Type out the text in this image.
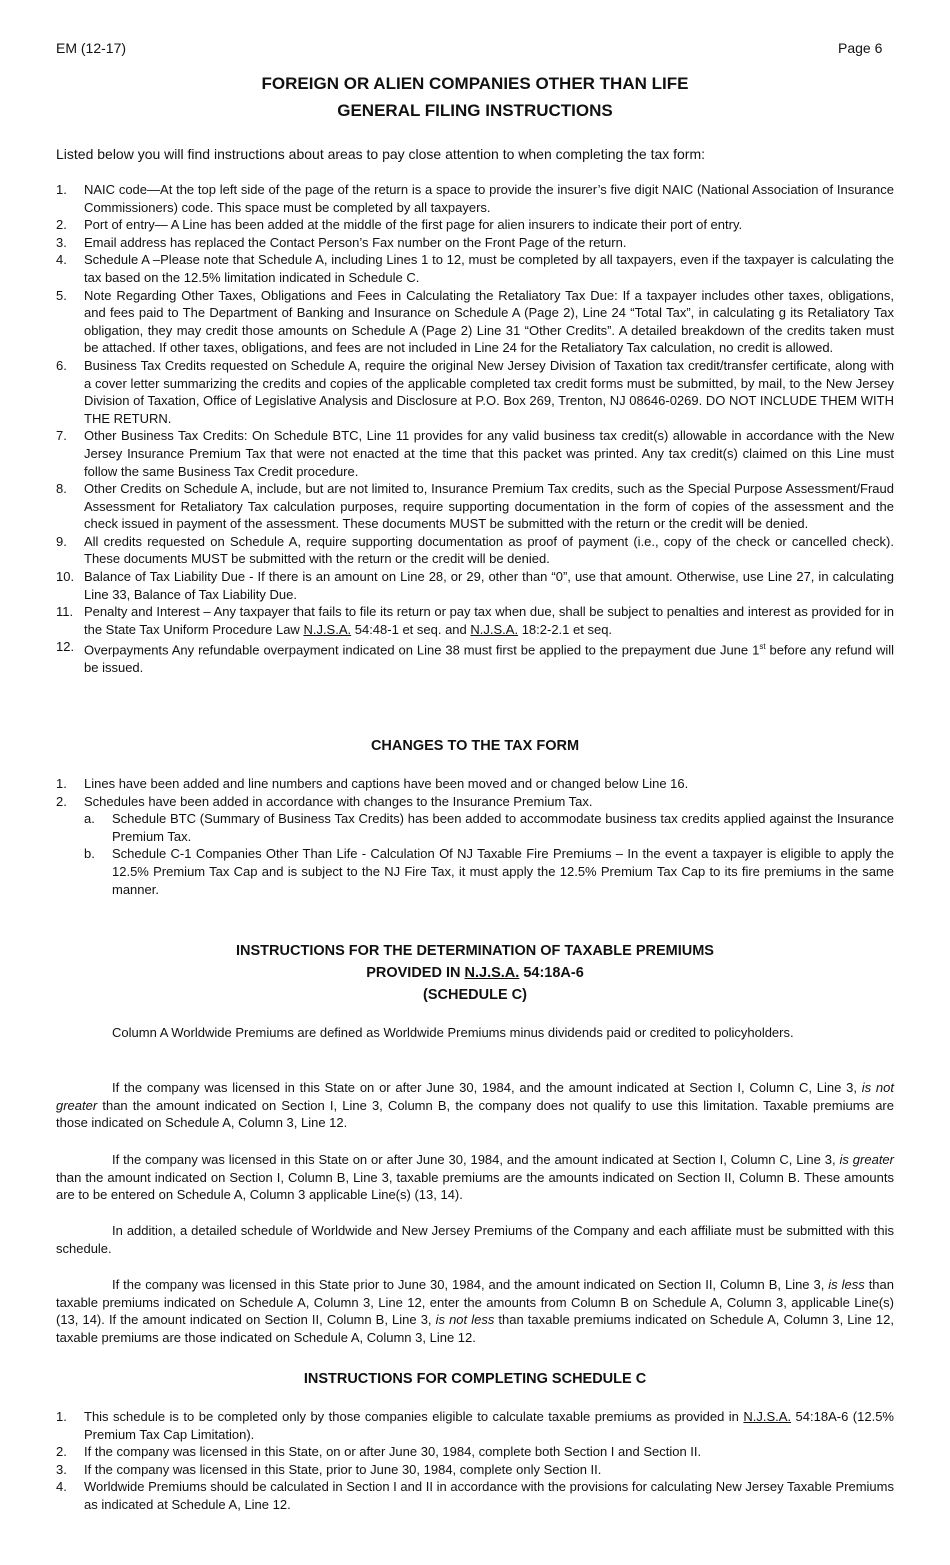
EM (12-17)	Page 6
FOREIGN OR ALIEN COMPANIES OTHER THAN LIFE
GENERAL FILING INSTRUCTIONS
Listed below you will find instructions about areas to pay close attention to when completing the tax form:
1. NAIC code—At the top left side of the page of the return is a space to provide the insurer’s five digit NAIC (National Association of Insurance Commissioners) code. This space must be completed by all taxpayers.
2. Port of entry— A Line has been added at the middle of the first page for alien insurers to indicate their port of entry.
3. Email address has replaced the Contact Person’s Fax number on the Front Page of the return.
4. Schedule A –Please note that Schedule A, including Lines 1 to 12, must be completed by all taxpayers, even if the taxpayer is calculating the tax based on the 12.5% limitation indicated in Schedule C.
5. Note Regarding Other Taxes, Obligations and Fees in Calculating the Retaliatory Tax Due: If a taxpayer includes other taxes, obligations, and fees paid to The Department of Banking and Insurance on Schedule A (Page 2), Line 24 “Total Tax”, in calculating g its Retaliatory Tax obligation, they may credit those amounts on Schedule A (Page 2) Line 31 “Other Credits”. A detailed breakdown of the credits taken must be attached. If other taxes, obligations, and fees are not included in Line 24 for the Retaliatory Tax calculation, no credit is allowed.
6. Business Tax Credits requested on Schedule A, require the original New Jersey Division of Taxation tax credit/transfer certificate, along with a cover letter summarizing the credits and copies of the applicable completed tax credit forms must be submitted, by mail, to the New Jersey Division of Taxation, Office of Legislative Analysis and Disclosure at P.O. Box 269, Trenton, NJ 08646-0269. DO NOT INCLUDE THEM WITH THE RETURN.
7. Other Business Tax Credits: On Schedule BTC, Line 11 provides for any valid business tax credit(s) allowable in accordance with the New Jersey Insurance Premium Tax that were not enacted at the time that this packet was printed. Any tax credit(s) claimed on this Line must follow the same Business Tax Credit procedure.
8. Other Credits on Schedule A, include, but are not limited to, Insurance Premium Tax credits, such as the Special Purpose Assessment/Fraud Assessment for Retaliatory Tax calculation purposes, require supporting documentation in the form of copies of the assessment and the check issued in payment of the assessment. These documents MUST be submitted with the return or the credit will be denied.
9. All credits requested on Schedule A, require supporting documentation as proof of payment (i.e., copy of the check or cancelled check). These documents MUST be submitted with the return or the credit will be denied.
10. Balance of Tax Liability Due - If there is an amount on Line 28, or 29, other than “0”, use that amount. Otherwise, use Line 27, in calculating Line 33, Balance of Tax Liability Due.
11. Penalty and Interest – Any taxpayer that fails to file its return or pay tax when due, shall be subject to penalties and interest as provided for in the State Tax Uniform Procedure Law N.J.S.A. 54:48-1 et seq. and N.J.S.A. 18:2-2.1 et seq.
12. Overpayments Any refundable overpayment indicated on Line 38 must first be applied to the prepayment due June 1st before any refund will be issued.
CHANGES TO THE TAX FORM
1. Lines have been added and line numbers and captions have been moved and or changed below Line 16.
2. Schedules have been added in accordance with changes to the Insurance Premium Tax.
a. Schedule BTC (Summary of Business Tax Credits) has been added to accommodate business tax credits applied against the Insurance Premium Tax.
b. Schedule C-1 Companies Other Than Life - Calculation Of NJ Taxable Fire Premiums – In the event a taxpayer is eligible to apply the 12.5% Premium Tax Cap and is subject to the NJ Fire Tax, it must apply the 12.5% Premium Tax Cap to its fire premiums in the same manner.
INSTRUCTIONS FOR THE DETERMINATION OF TAXABLE PREMIUMS
PROVIDED IN N.J.S.A. 54:18A-6
(SCHEDULE C)

Column A Worldwide Premiums are defined as Worldwide Premiums minus dividends paid or credited to policyholders.

If the company was licensed in this State on or after June 30, 1984, and the amount indicated at Section I, Column C, Line 3, is not greater than the amount indicated on Section I, Line 3, Column B, the company does not qualify to use this limitation. Taxable premiums are those indicated on Schedule A, Column 3, Line 12.

If the company was licensed in this State on or after June 30, 1984, and the amount indicated at Section I, Column C, Line 3, is greater than the amount indicated on Section I, Column B, Line 3, taxable premiums are the amounts indicated on Section II, Column B. These amounts are to be entered on Schedule A, Column 3 applicable Line(s) (13, 14).

In addition, a detailed schedule of Worldwide and New Jersey Premiums of the Company and each affiliate must be submitted with this schedule.

If the company was licensed in this State prior to June 30, 1984, and the amount indicated on Section II, Column B, Line 3, is less than taxable premiums indicated on Schedule A, Column 3, Line 12, enter the amounts from Column B on Schedule A, Column 3, applicable Line(s) (13, 14). If the amount indicated on Section II, Column B, Line 3, is not less than taxable premiums indicated on Schedule A, Column 3, Line 12, taxable premiums are those indicated on Schedule A, Column 3, Line 12.

INSTRUCTIONS FOR COMPLETING SCHEDULE C
1. This schedule is to be completed only by those companies eligible to calculate taxable premiums as provided in N.J.S.A. 54:18A-6 (12.5% Premium Tax Cap Limitation).
2. If the company was licensed in this State, on or after June 30, 1984, complete both Section I and Section II.
3. If the company was licensed in this State, prior to June 30, 1984, complete only Section II.
4. Worldwide Premiums should be calculated in Section I and II in accordance with the provisions for calculating New Jersey Taxable Premiums as indicated at Schedule A, Line 12.
